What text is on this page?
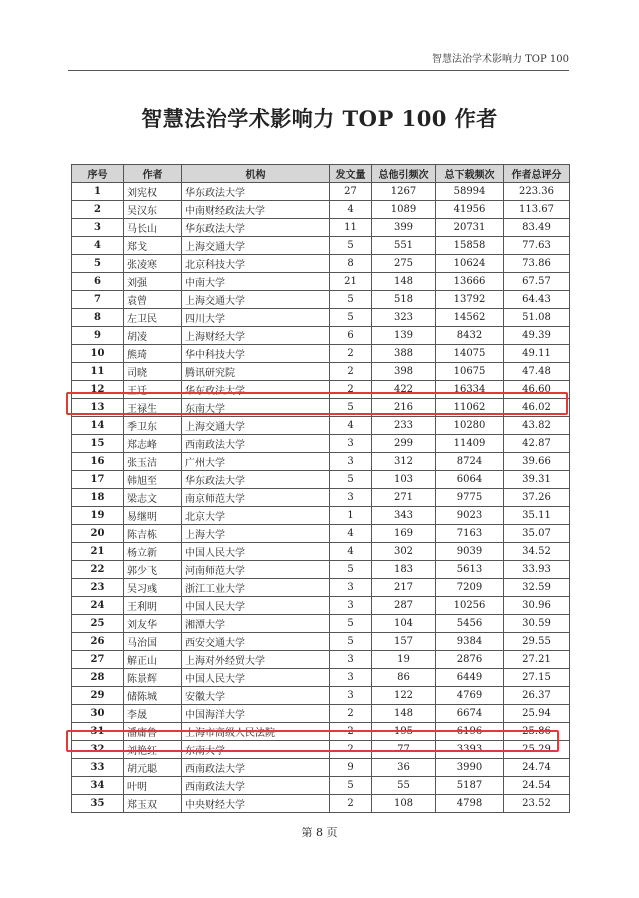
智慧法治学术影响力 TOP 100
智慧法治学术影响力 TOP 100 作者
序号	作者	机构	发文量	总他引频次	总下载频次	作者总评分
1	刘宪权	华东政法大学	27	1267	58994	223.36
2	吴汉东	中南财经政法大学	4	1089	41956	113.67
3	马长山	华东政法大学	11	399	20731	83.49
4	郑戈	上海交通大学	5	551	15858	77.63
5	张凌寒	北京科技大学	8	275	10624	73.86
6	刘强	中南大学	21	148	13666	67.57
7	袁曾	上海交通大学	5	518	13792	64.43
8	左卫民	四川大学	5	323	14562	51.08
9	胡凌	上海财经大学	6	139	8432	49.39
10	熊琦	华中科技大学	2	388	14075	49.11
11	司晓	腾讯研究院	2	398	10675	47.48
12	王迁	华东政法大学	2	422	16334	46.60
13	王禄生	东南大学	5	216	11062	46.02
14	季卫东	上海交通大学	4	233	10280	43.82
15	郑志峰	西南政法大学	3	299	11409	42.87
16	张玉洁	广州大学	3	312	8724	39.66
17	韩旭至	华东政法大学	5	103	6064	39.31
18	梁志文	南京师范大学	3	271	9775	37.26
19	易继明	北京大学	1	343	9023	35.11
20	陈吉栋	上海大学	4	169	7163	35.07
21	杨立新	中国人民大学	4	302	9039	34.52
22	郭少飞	河南师范大学	5	183	5613	33.93
23	吴习彧	浙江工业大学	3	217	7209	32.59
24	王利明	中国人民大学	3	287	10256	30.96
25	刘友华	湘潭大学	5	104	5456	30.59
26	马治国	西安交通大学	5	157	9384	29.55
27	解正山	上海对外经贸大学	3	19	2876	27.21
28	陈景辉	中国人民大学	3	86	6449	27.15
29	储陈城	安徽大学	3	122	4769	26.37
30	李晟	中国海洋大学	2	148	6674	25.94
31	潘庸鲁	上海市高级人民法院	2	195	6196	25.86
32	刘艳红	东南大学	2	77	3393	25.29
33	胡元聪	西南政法大学	9	36	3990	24.74
34	叶明	西南政法大学	5	55	5187	24.54
35	郑玉双	中央财经大学	2	108	4798	23.52
第 8 页
